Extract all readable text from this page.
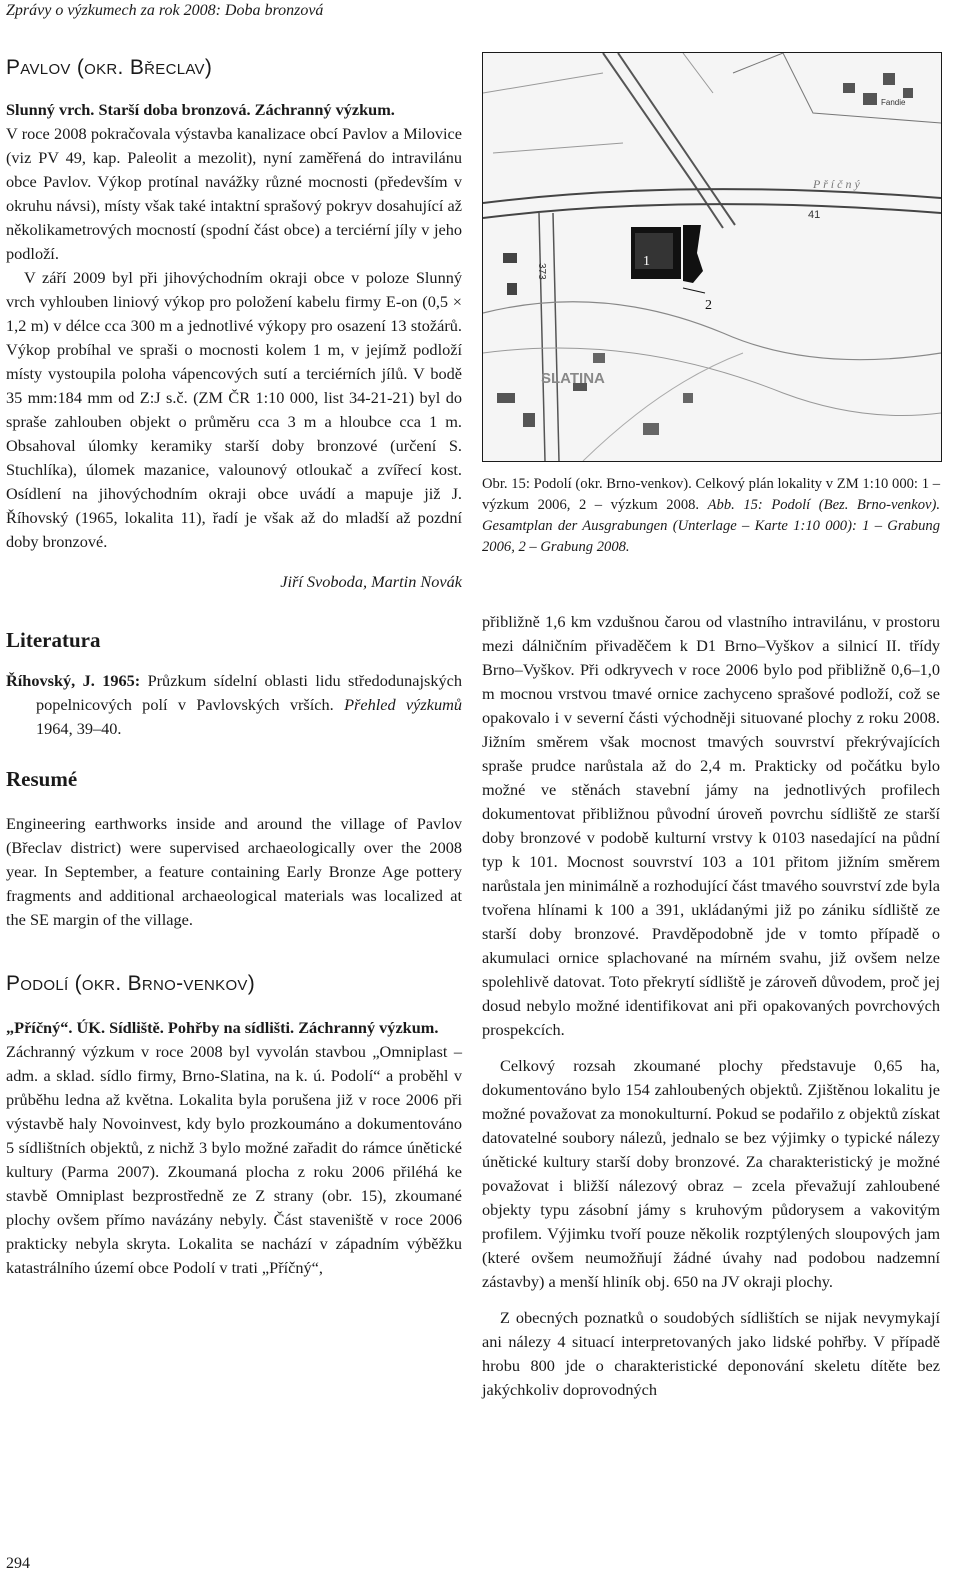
Zprávy o výzkumech za rok 2008: Doba bronzová
Pavlov (okr. Břeclav)

Slunný vrch. Starší doba bronzová. Záchranný výzkum.

V roce 2008 pokračovala výstavba kanalizace obcí Pavlov a Milovice (viz PV 49, kap. Paleolit a mezolit), nyní zaměřená do intravilánu obce Pavlov. Výkop protínal navážky různé mocnosti (především v okruhu návsi), místy však také intaktní sprašový pokryv dosahující až několikametrových mocností (spodní část obce) a terciérní jíly v jeho podloží.

V září 2009 byl při jihovýchodním okraji obce v poloze Slunný vrch vyhlouben liniový výkop pro položení kabelu firmy E-on (0,5 × 1,2 m) v délce cca 300 m a jednotlivé výkopy pro osazení 13 stožárů. Výkop probíhal ve spraši o mocnosti kolem 1 m, v jejímž podloží místy vystoupila poloha vápencových sutí a terciérních jílů. V bodě 35 mm:184 mm od Z:J s.č. (ZM ČR 1:10 000, list 34-21-21) byl do spraše zahlouben objekt o průměru cca 3 m a hloubce cca 1 m. Obsahoval úlomky keramiky starší doby bronzové (určení S. Stuchlíka), úlomek mazanice, valounový otloukač a zvířecí kost. Osídlení na jihovýchodním okraji obce uvádí a mapuje již J. Říhovský (1965, lokalita 11), řadí je však až do mladší až pozdní doby bronzové.

Jiří Svoboda, Martin Novák
Literatura

Říhovský, J. 1965: Průzkum sídelní oblasti lidu středodunajských popelnicových polí v Pavlovských vrších. Přehled výzkumů 1964, 39–40.

Resumé

Engineering earthworks inside and around the village of Pavlov (Břeclav district) were supervised archaeologically over the 2008 year. In September, a feature containing Early Bronze Age pottery fragments and additional archaeological materials was localized at the SE margin of the village.

Podolí (okr. Brno-venkov)

„Příčný“. ÚK. Sídliště. Pohřby na sídlišti. Záchranný výzkum.

Záchranný výzkum v roce 2008 byl vyvolán stavbou „Omniplast – adm. a sklad. sídlo firmy, Brno-Slatina, na k. ú. Podolí“ a proběhl v průběhu ledna až května. Lokalita byla porušena již v roce 2006 při výstavbě haly Novoinvest, kdy bylo prozkoumáno a dokumentováno 5 sídlištních objektů, z nichž 3 bylo možné zařadit do rámce únětické kultury (Parma 2007). Zkoumaná plocha z roku 2006 přiléhá ke stavbě Omniplast bezprostředně ze Z strany (obr. 15), zkoumané plochy ovšem přímo navázány nebyly. Část staveniště v roce 2006 prakticky nebyla skryta. Lokalita se nachází v západním výběžku katastrálního území obce Podolí v trati „Příčný“,

1
2
SLATINA
P ř í č n ý
41
373
Fandie
Obr. 15: Podolí (okr. Brno-venkov). Celkový plán lokality v ZM 1:10 000: 1 – výzkum 2006, 2 – výzkum 2008. Abb. 15: Podolí (Bez. Brno-venkov). Gesamtplan der Ausgrabungen (Unterlage – Karte 1:10 000): 1 – Grabung 2006, 2 – Grabung 2008.

přibližně 1,6 km vzdušnou čarou od vlastního intravilánu, v prostoru mezi dálničním přivaděčem k D1 Brno–Vyškov a silnicí II. třídy Brno–Vyškov. Při odkryvech v roce 2006 bylo pod přibližně 0,6–1,0 m mocnou vrstvou tmavé ornice zachyceno sprašové podloží, což se opakovalo i v severní části východněji situované plochy z roku 2008. Jižním směrem však mocnost tmavých souvrství překrývajících spraše prudce narůstala až do 2,4 m. Prakticky od počátku bylo možné ve stěnách stavební jámy na jednotlivých profilech dokumentovat přibližnou původní úroveň povrchu sídliště ze starší doby bronzové v podobě kulturní vrstvy k 0103 nasedající na půdní typ k 101. Mocnost souvrství 103 a 101 přitom jižním směrem narůstala jen minimálně a rozhodující část tmavého souvrství zde byla tvořena hlínami k 100 a 391, ukládanými již po zániku sídliště ze starší doby bronzové. Pravděpodobně jde v tomto případě o akumulaci ornice splachované na mírném svahu, již ovšem nelze spolehlivě datovat. Toto překrytí sídliště je zároveň důvodem, proč jej dosud nebylo možné identifikovat ani při opakovaných povrchových prospekcích.

Celkový rozsah zkoumané plochy představuje 0,65 ha, dokumentováno bylo 154 zahloubených objektů. Zjištěnou lokalitu je možné považovat za monokulturní. Pokud se podařilo z objektů získat datovatelné soubory nálezů, jednalo se bez výjimky o typické nálezy únětické kultury starší doby bronzové. Za charakteristický je možné považovat i bližší nálezový obraz – zcela převažují zahloubené objekty typu zásobní jámy s kruhovým půdorysem a vakovitým profilem. Výjimku tvoří pouze několik rozptýlených sloupových jam (které ovšem neumožňují žádné úvahy nad podobou nadzemní zástavby) a menší hliník obj. 650 na JV okraji plochy.

Z obecných poznatků o soudobých sídlištích se nijak nevymykají ani nálezy 4 situací interpretovaných jako lidské pohřby. V případě hrobu 800 jde o charakteristické deponování skeletu dítěte bez jakýchkoliv doprovodných

294
